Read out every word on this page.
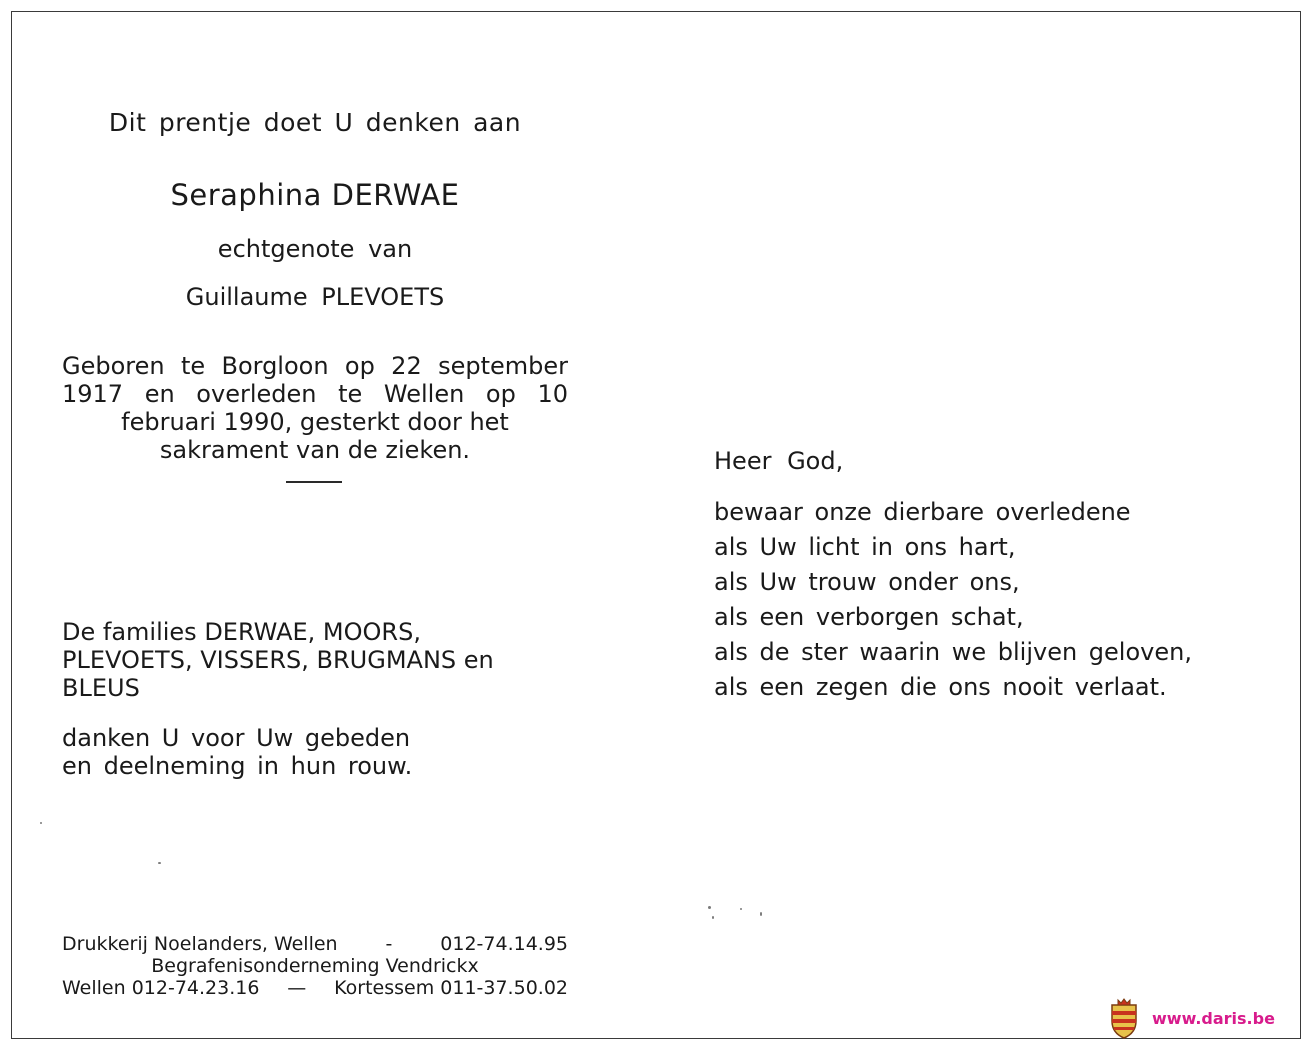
Dit prentje doet U denken aan
Seraphina DERWAE
echtgenote van
Guillaume PLEVOETS
Geboren te Borgloon op 22 september
1917 en overleden te Wellen op 10
februari 1990, gesterkt door het
sakrament van de zieken.
De families DERWAE, MOORS,
PLEVOETS, VISSERS, BRUGMANS en
BLEUS
danken U voor Uw gebeden
en deelneming in hun rouw.
Drukkerij Noelanders, Wellen	-	012-74.14.95
Begrafenisonderneming Vendrickx
Wellen 012-74.23.16 — Kortessem 011-37.50.02
Heer God,
bewaar onze dierbare overledene
als Uw licht in ons hart,
als Uw trouw onder ons,
als een verborgen schat,
als de ster waarin we blijven geloven,
als een zegen die ons nooit verlaat.
www.daris.be
